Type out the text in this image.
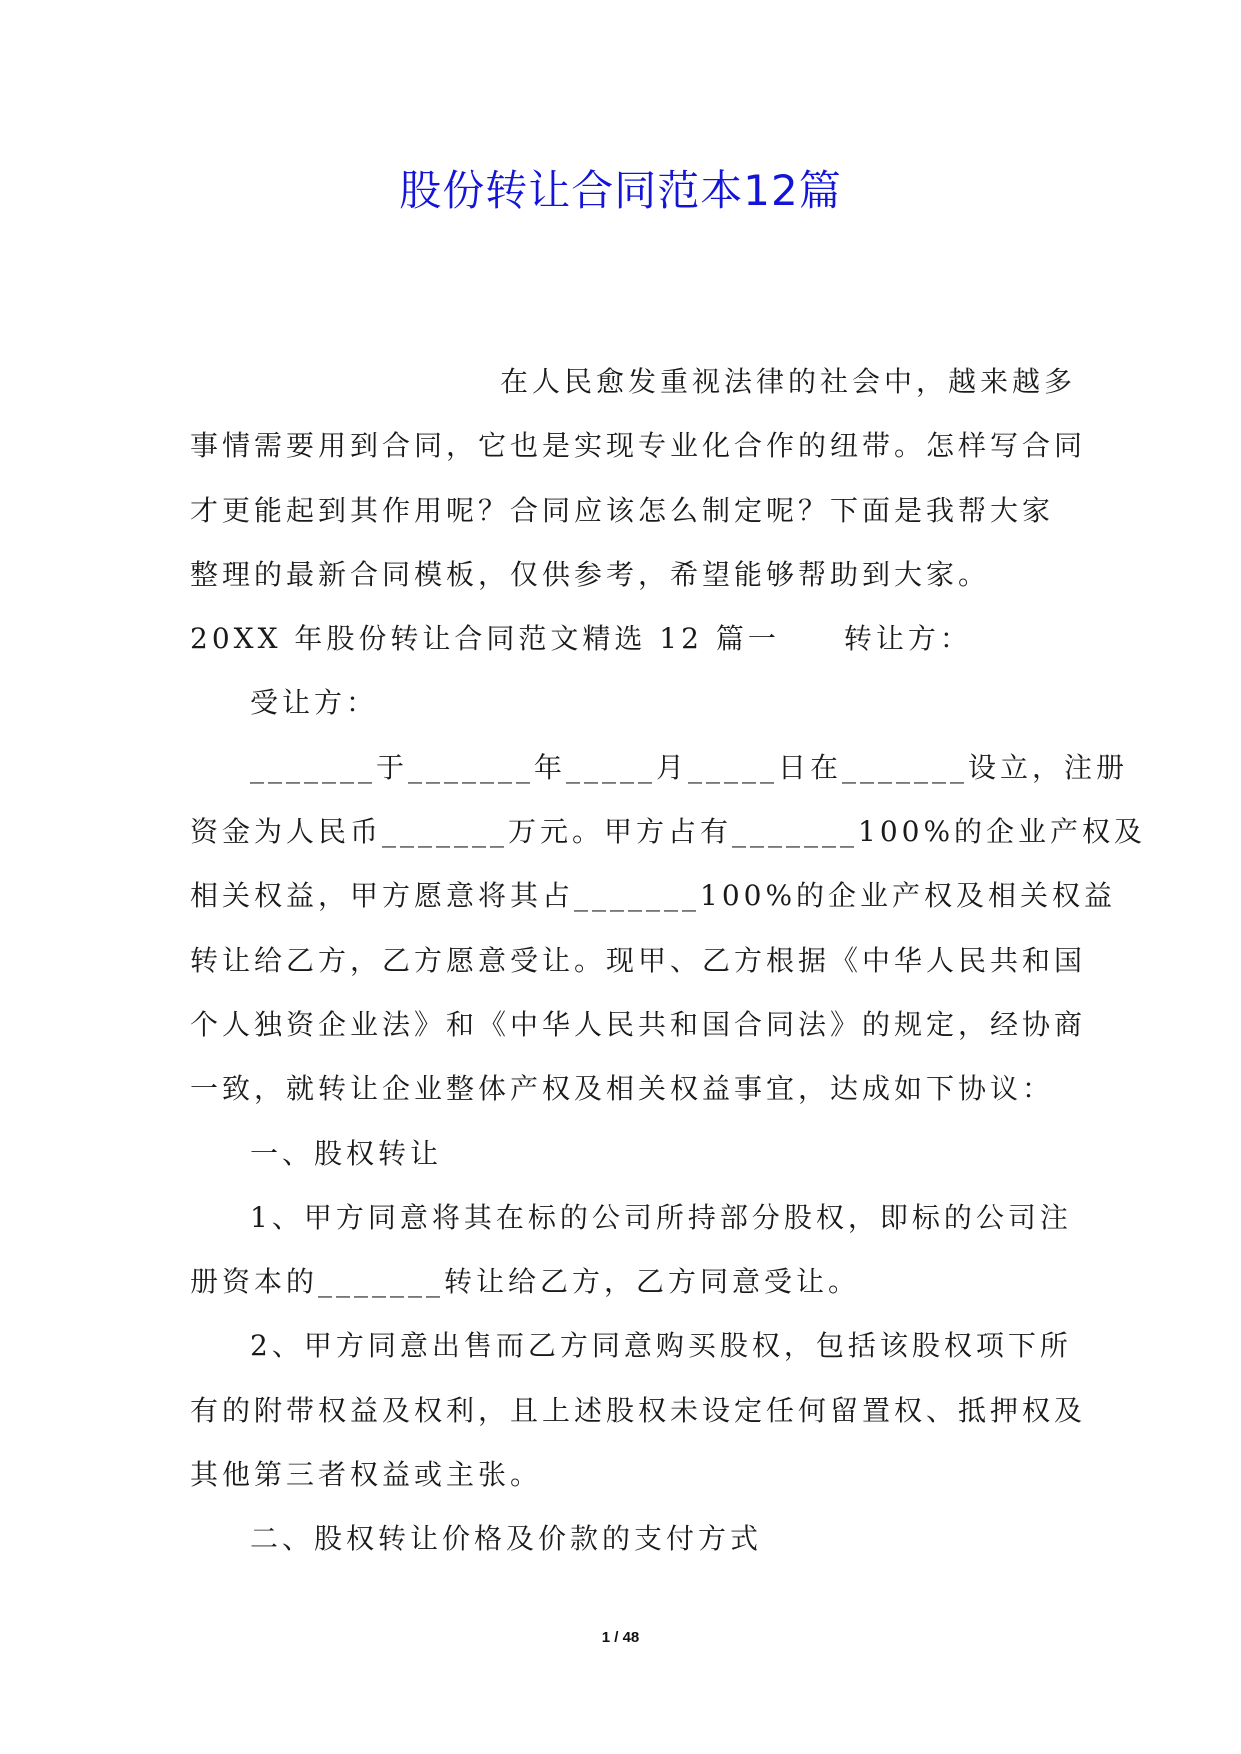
股份转让合同范本12篇
在人民愈发重视法律的社会中，越来越多
事情需要用到合同，它也是实现专业化合作的纽带。怎样写合同
才更能起到其作用呢？合同应该怎么制定呢？下面是我帮大家
整理的最新合同模板，仅供参考，希望能够帮助到大家。
20XX 年股份转让合同范文精选 12 篇一　　转让方：
受让方：
_______于_______年_____月_____日在_______设立，注册
资金为人民币_______万元。甲方占有_______100%的企业产权及
相关权益，甲方愿意将其占_______100%的企业产权及相关权益
转让给乙方，乙方愿意受让。现甲、乙方根据《中华人民共和国
个人独资企业法》和《中华人民共和国合同法》的规定，经协商
一致，就转让企业整体产权及相关权益事宜，达成如下协议：
一、股权转让
1、甲方同意将其在标的公司所持部分股权，即标的公司注
册资本的_______转让给乙方，乙方同意受让。
2、甲方同意出售而乙方同意购买股权，包括该股权项下所
有的附带权益及权利，且上述股权未设定任何留置权、抵押权及
其他第三者权益或主张。
二、股权转让价格及价款的支付方式
1 / 48
